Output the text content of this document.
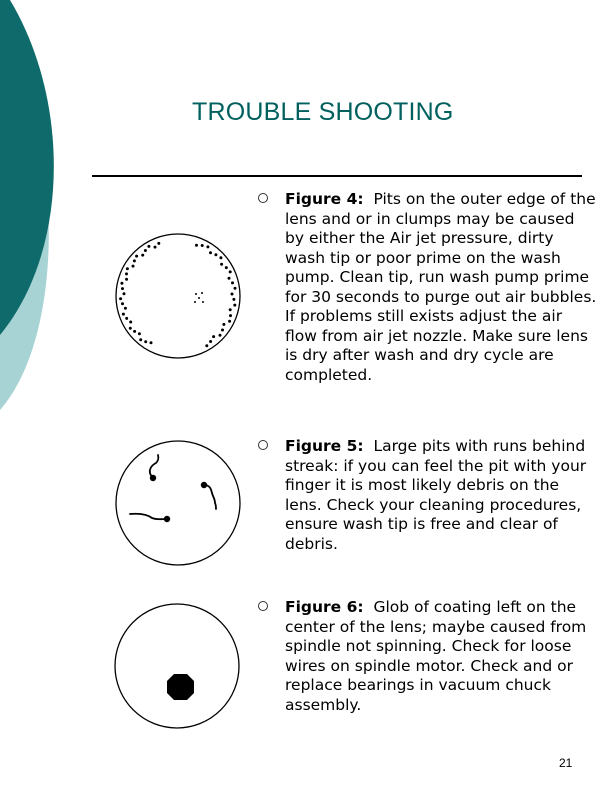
TROUBLE SHOOTING
Figure 4: Pits on the outer edge of the lens and or in clumps may be caused by either the Air jet pressure, dirty wash tip or poor prime on the wash pump. Clean tip, run wash pump prime for 30 seconds to purge out air bubbles. If problems still exists adjust the air flow from air jet nozzle. Make sure lens is dry after wash and dry cycle are completed.
Figure 5: Large pits with runs behind streak: if you can feel the pit with your finger it is most likely debris on the lens. Check your cleaning procedures, ensure wash tip is free and clear of debris.
Figure 6: Glob of coating left on the center of the lens; maybe caused from spindle not spinning. Check for loose wires on spindle motor. Check and or replace bearings in vacuum chuck assembly.
21
